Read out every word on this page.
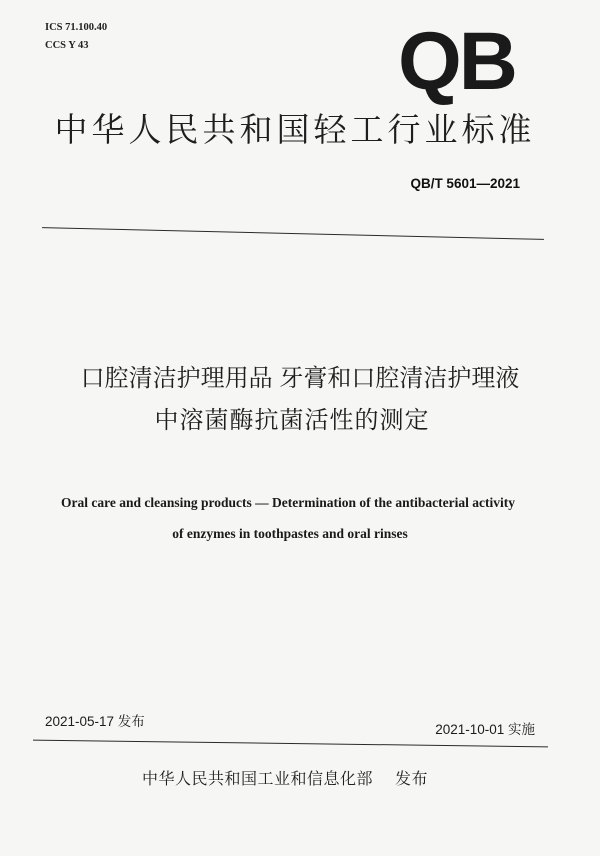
ICS 71.100.40
CCS Y 43	QB
中华人民共和国轻工行业标准
QB/T 5601—2021
口腔清洁护理用品 牙膏和口腔清洁护理液
中溶菌酶抗菌活性的测定
Oral care and cleansing products — Determination of the antibacterial activity
of enzymes in toothpastes and oral rinses
2021-05-17 发布
2021-10-01 实施
中华人民共和国工业和信息化部 发布
